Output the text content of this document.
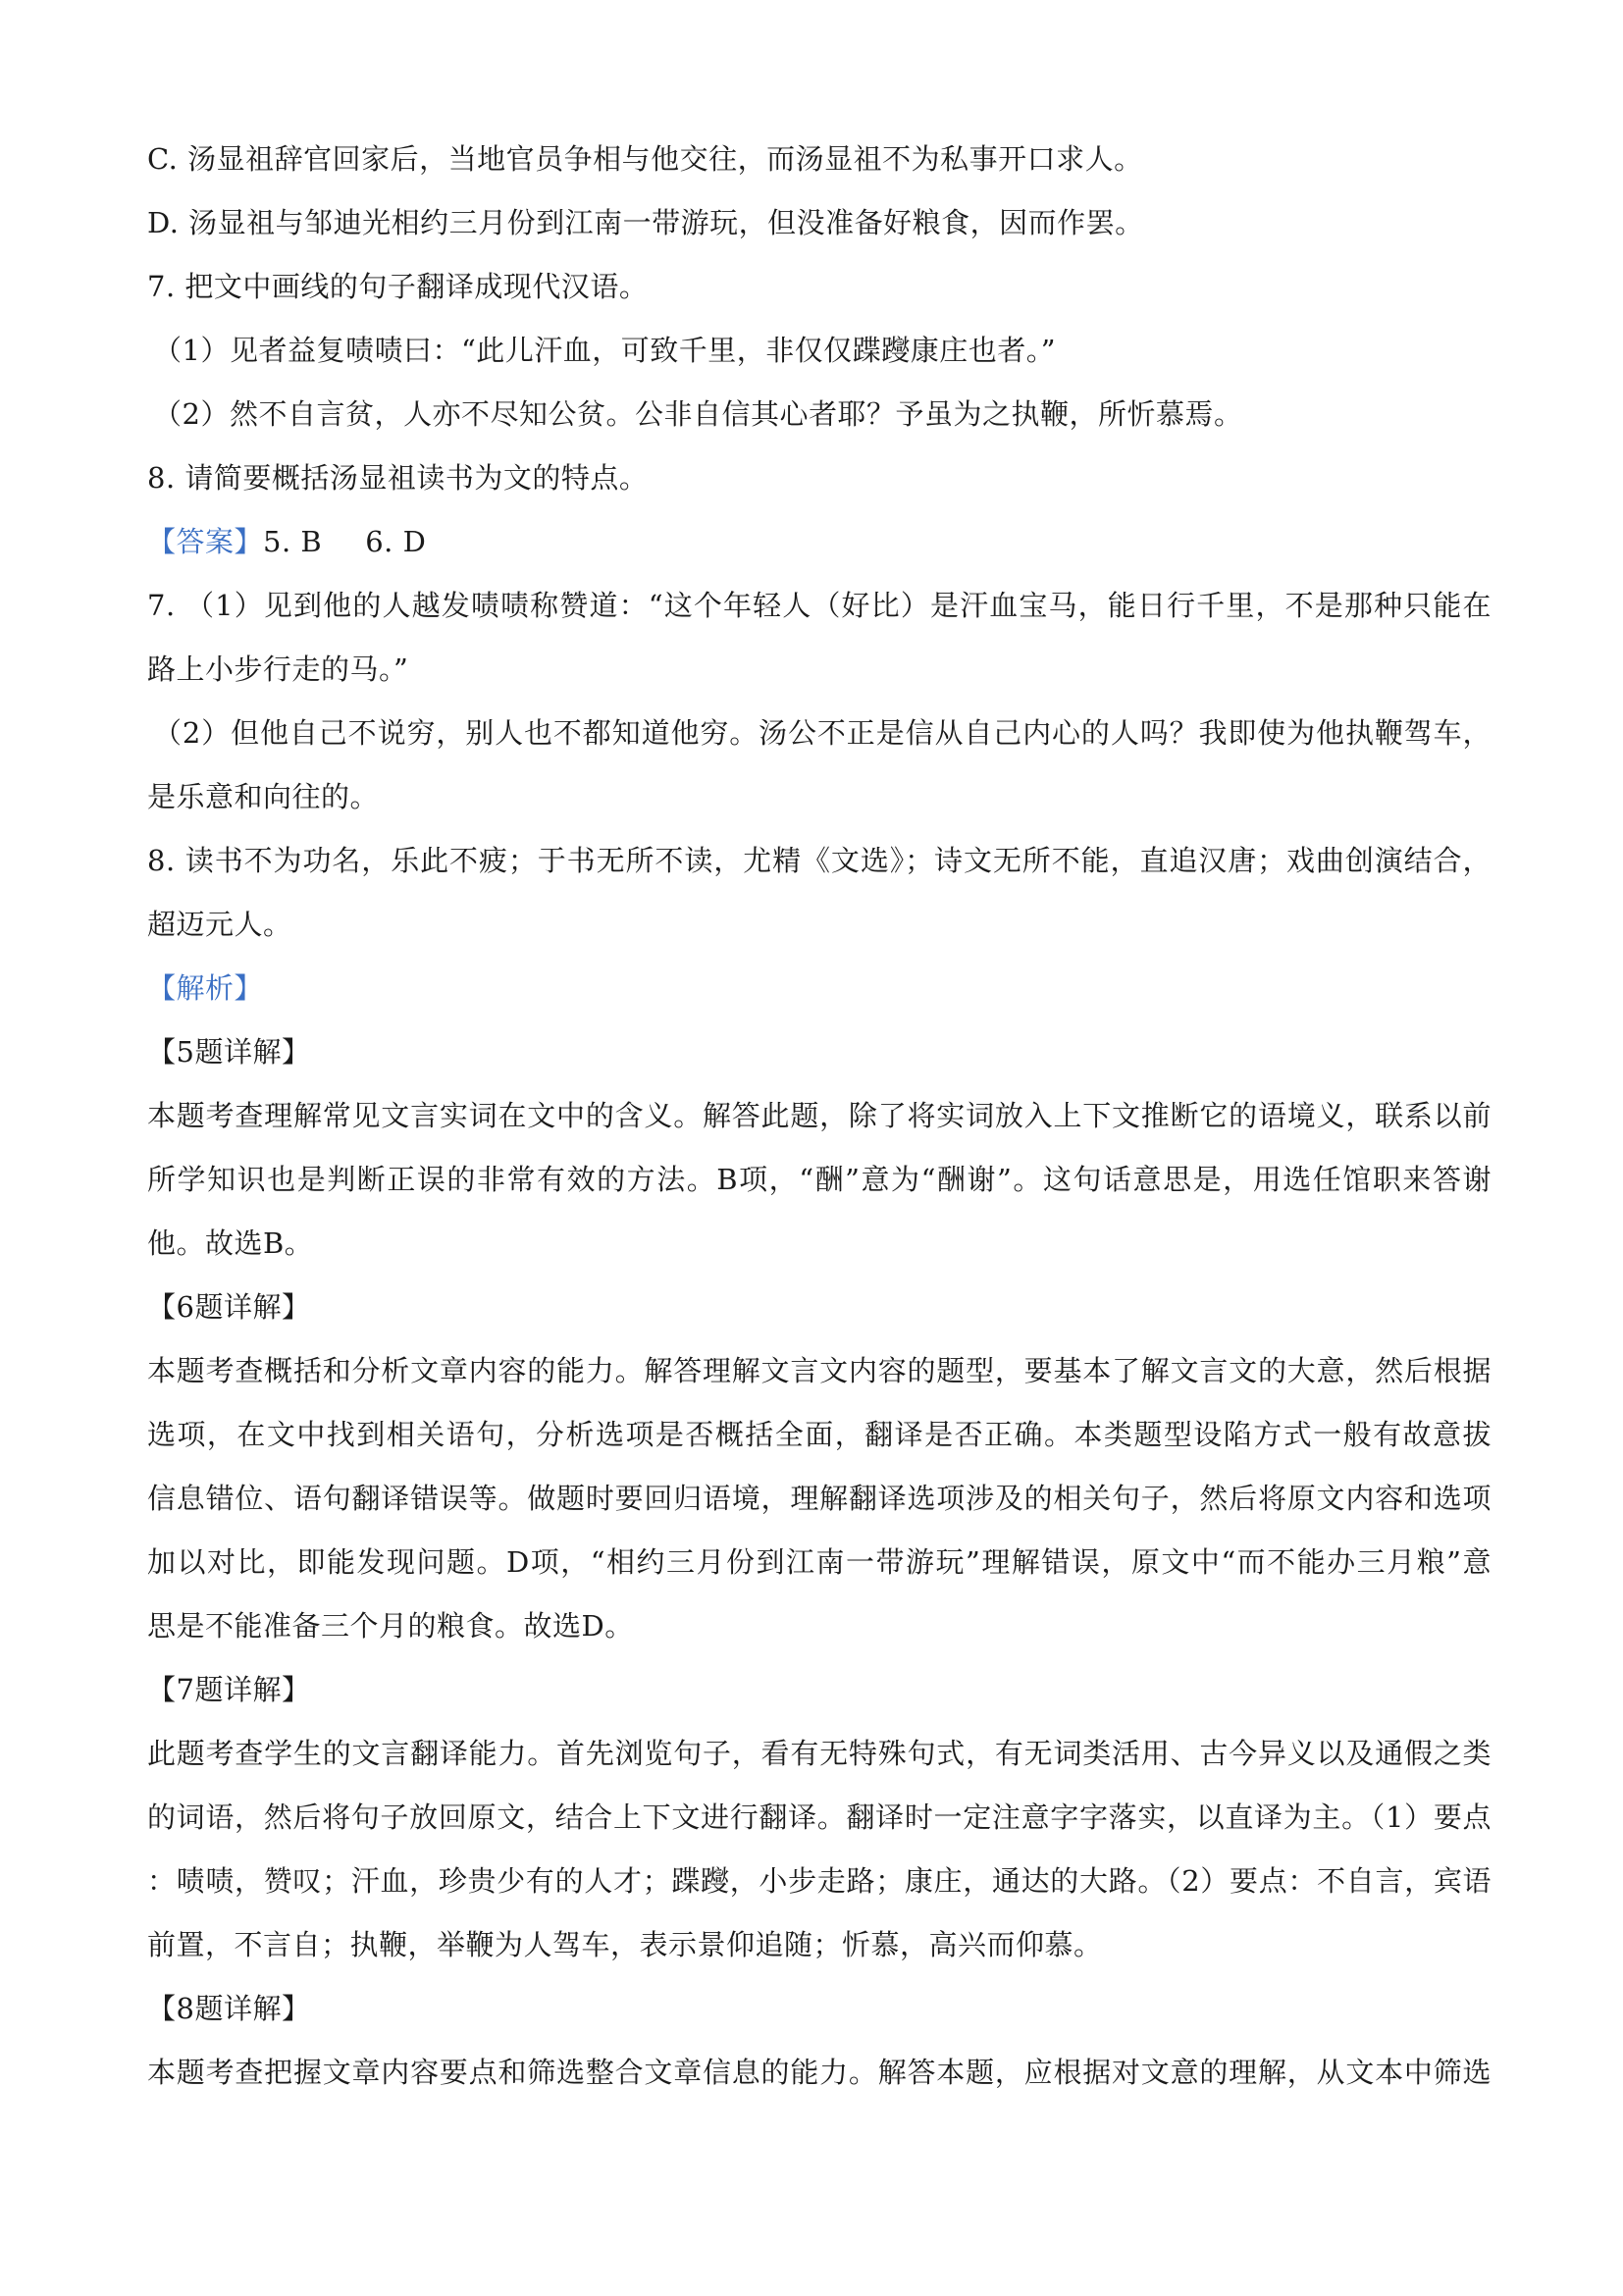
C. 汤显祖辞官回家后，当地官员争相与他交往，而汤显祖不为私事开口求人。
D. 汤显祖与邹迪光相约三月份到江南一带游玩，但没准备好粮食，因而作罢。
7. 把文中画线的句子翻译成现代汉语。
（1）见者益复啧啧曰：“此儿汗血，可致千里，非仅仅蹀躞康庄也者。”
（2）然不自言贫，人亦不尽知公贫。公非自信其心者耶？予虽为之执鞭，所忻慕焉。
8. 请简要概括汤显祖读书为文的特点。
【答案】5. B 6. D
7. （1）见到他的人越发啧啧称赞道：“这个年轻人（好比）是汗血宝马，能日行千里，不是那种只能在
路上小步行走的马。”
（2）但他自己不说穷，别人也不都知道他穷。汤公不正是信从自己内心的人吗？我即使为他执鞭驾车，
是乐意和向往的。
8. 读书不为功名，乐此不疲；于书无所不读，尤精《文选》；诗文无所不能，直追汉唐；戏曲创演结合，
超迈元人。
【解析】
【5题详解】
本题考查理解常见文言实词在文中的含义。解答此题，除了将实词放入上下文推断它的语境义，联系以前
所学知识也是判断正误的非常有效的方法。B项，“酬”意为“酬谢”。这句话意思是，用选任馆职来答谢
他。故选B。
【6题详解】
本题考查概括和分析文章内容的能力。解答理解文言文内容的题型，要基本了解文言文的大意，然后根据
选项，在文中找到相关语句，分析选项是否概括全面，翻译是否正确。本类题型设陷方式一般有故意拔
信息错位、语句翻译错误等。做题时要回归语境，理解翻译选项涉及的相关句子，然后将原文内容和选项
加以对比，即能发现问题。D项，“相约三月份到江南一带游玩”理解错误，原文中“而不能办三月粮”意
思是不能准备三个月的粮食。故选D。
【7题详解】
此题考查学生的文言翻译能力。首先浏览句子，看有无特殊句式，有无词类活用、古今异义以及通假之类
的词语，然后将句子放回原文，结合上下文进行翻译。翻译时一定注意字字落实，以直译为主。（1）要点
：啧啧，赞叹；汗血，珍贵少有的人才；蹀躞，小步走路；康庄，通达的大路。（2）要点：不自言，宾语
前置，不言自；执鞭，举鞭为人驾车，表示景仰追随；忻慕，高兴而仰慕。
【8题详解】
本题考查把握文章内容要点和筛选整合文章信息的能力。解答本题，应根据对文意的理解，从文本中筛选
